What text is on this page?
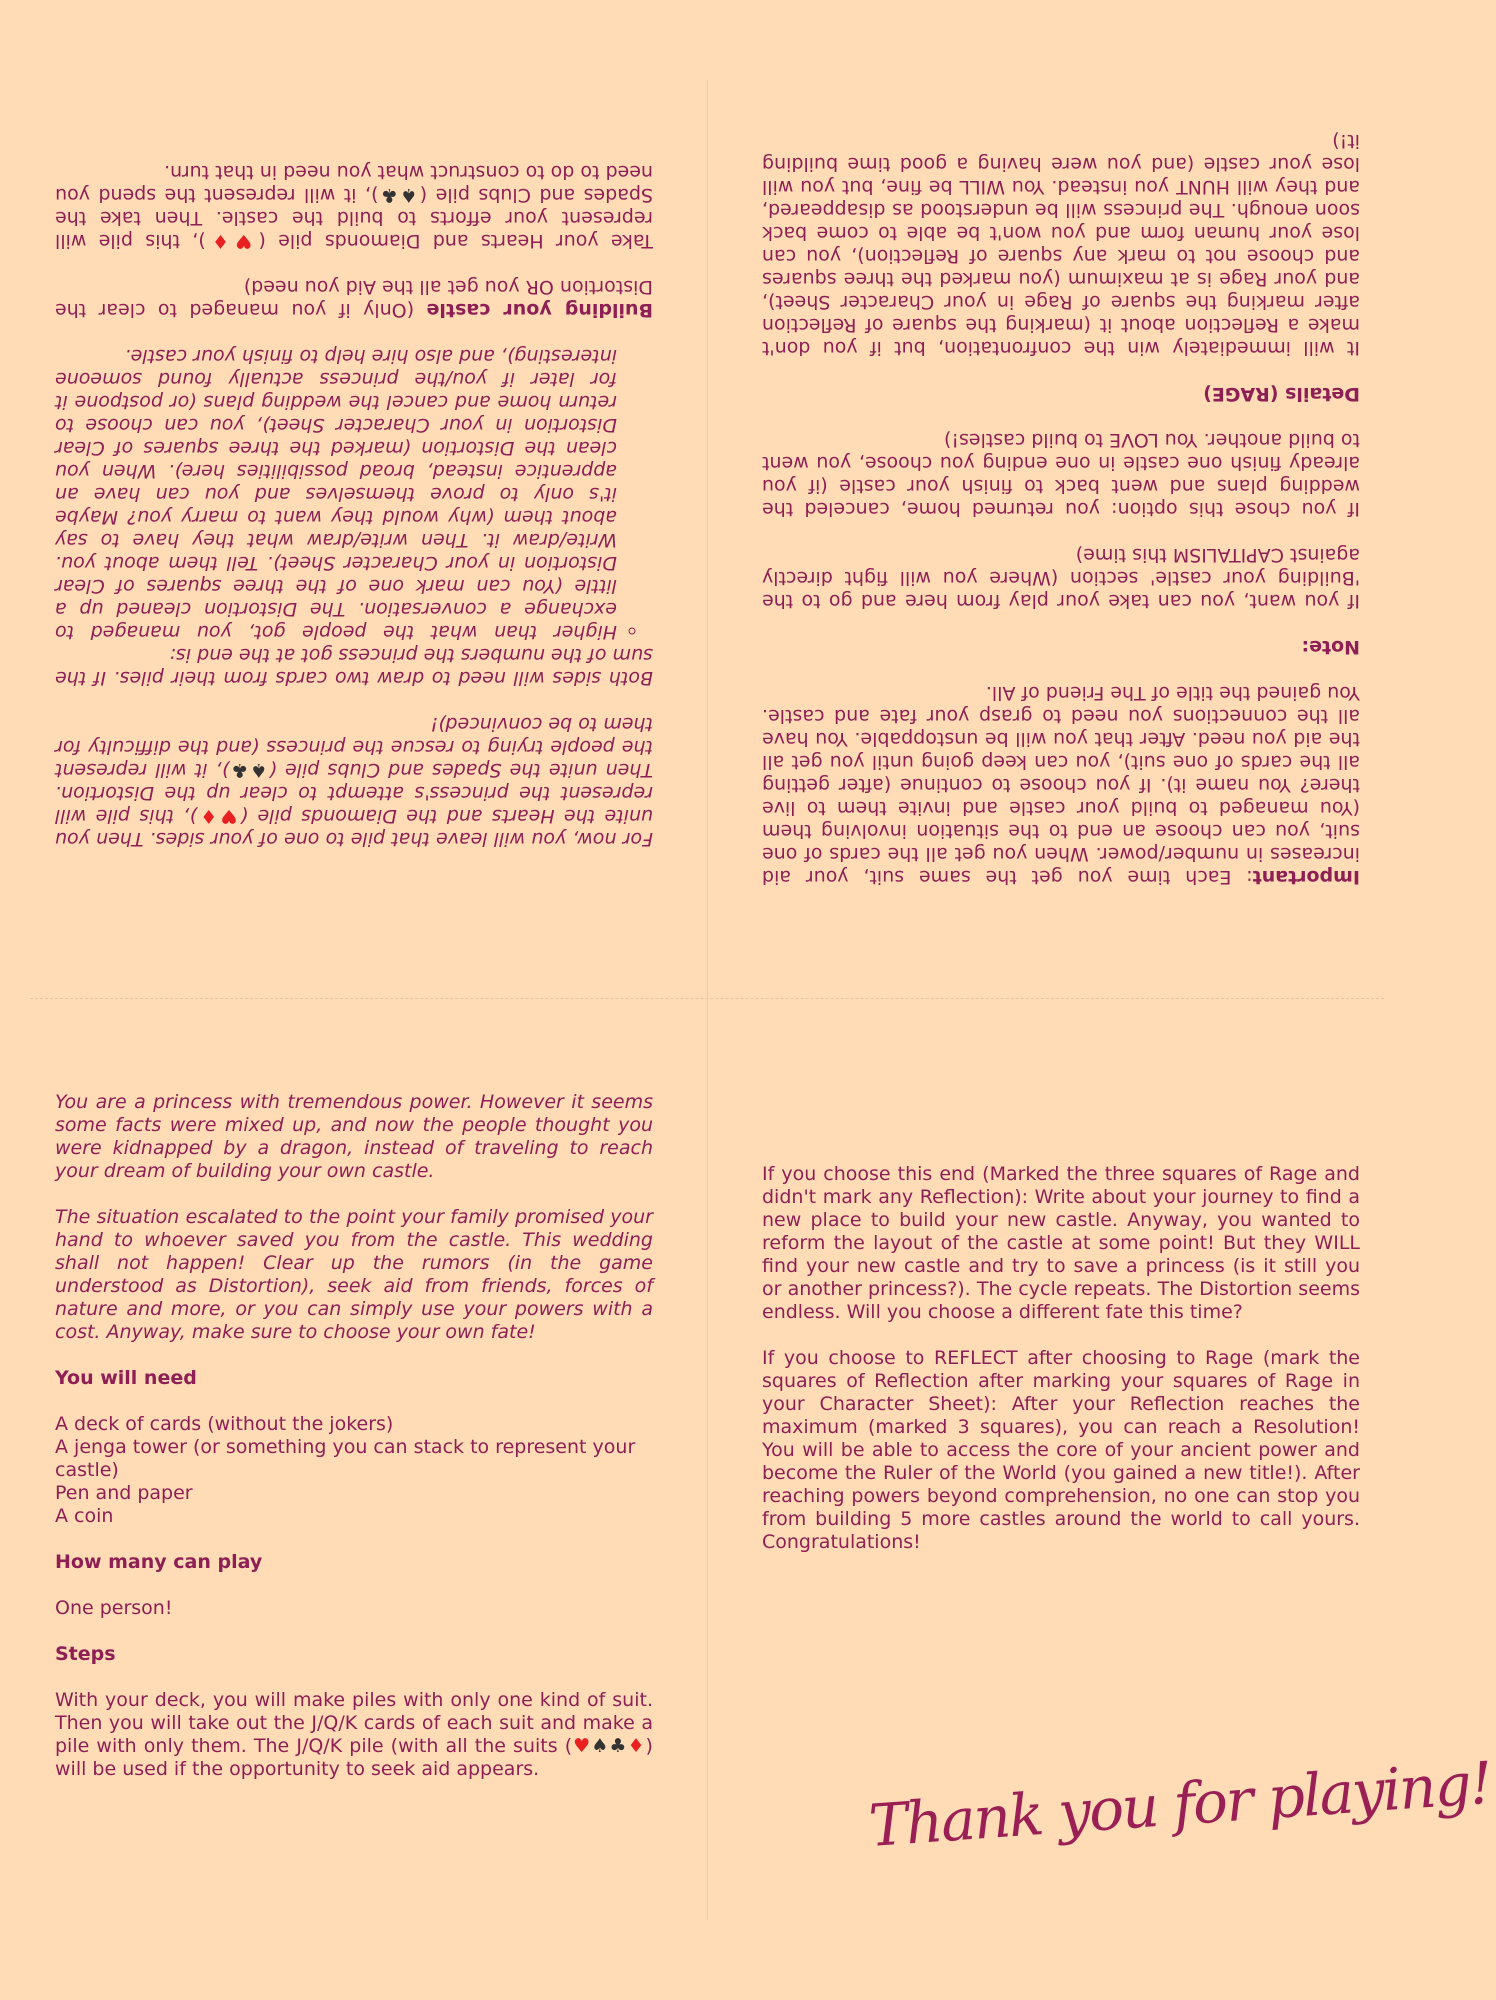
For now, you will leave that pile to one of your sides. Then you unite the Hearts and the Diamonds pile (♥♦), this pile will represent the princess's attempt to clear up the Distortion. Then unite the Spades and Clubs pile (♠♣), it will represent the people trying to rescue the princess (and the difficulty for them to be convinced)!

Both sides will need to draw two cards from their piles. If the sum of the numbers the princess got at the end is:

◦ Higher than what the people got, you managed to exchange a conversation. The Distortion cleaned up a little (You can mark one of the three squares of Clear Distortion in your Character Sheet). Tell them about you. Write/draw it. Then write/draw what they have to say about them (why would they want to marry you? Maybe it's only to prove themselves and you can have an apprentice instead, broad possibilities here). When you clean the Distortion (marked the three squares of Clear Distortion in your Character Sheet), you can choose to return home and cancel the wedding plans (or postpone it for later if you/the princess actually found someone interesting), and also hire help to finish your castle.

Building your castle (Only if you managed to clear the Distortion OR you get all the Aid you need)

Take your Hearts and Diamonds pile (♥♦), this pile will represent your efforts to build the castle. Then take the Spades and Clubs pile (♠♣), it will represent the spend you need to do to construct what you need in that turn.

Important: Each time you get the same suit, your aid increases in number/power. When you get all the cards of one suit, you can choose an end to the situation involving them (You managed to build your castle and invite them to live there? You name it). If you choose to continue (after getting all the cards of one suit), you can keep going until you get all the aid you need. After that you will be unstoppable. You have all the connections you need to grasp your fate and castle. You gained the title of The Friend of All.

Note:

If you want, you can take your play from here and go to the 'Building your castle' section (Where you will fight directly against CAPITALISM this time)

If you chose this option: you returned home, canceled the wedding plans and went back to finish your castle (if you already finish one castle in one ending you choose, you went to build another. You LOVE to build castles!)

Details (RAGE)

It will immediately win the confrontation, but if you don't make a Reflection about it (marking the square of Reflection after marking the square of Rage in your Character Sheet), and your Rage is at maximum (you marked the three squares and choose not to mark any square of Reflection), you can lose your human form and you won't be able to come back soon enough. The princess will be understood as disappeared, and they will HUNT you instead. You WILL be fine, but you will lose your castle (and you were having a good time building it!)

You are a princess with tremendous power. However it seems some facts were mixed up, and now the people thought you were kidnapped by a dragon, instead of traveling to reach your dream of building your own castle.

The situation escalated to the point your family promised your hand to whoever saved you from the castle. This wedding shall not happen! Clear up the rumors (in the game understood as Distortion), seek aid from friends, forces of nature and more, or you can simply use your powers with a cost. Anyway, make sure to choose your own fate!

You will need
A deck of cards (without the jokers)
A jenga tower (or something you can stack to represent your castle)
Pen and paper
A coin
How many can play

One person!

Steps

With your deck, you will make piles with only one kind of suit. Then you will take out the J/Q/K cards of each suit and make a pile with only them. The J/Q/K pile (with all the suits (♥♠♣♦) will be used if the opportunity to seek aid appears.

If you choose this end (Marked the three squares of Rage and didn't mark any Reflection): Write about your journey to find a new place to build your new castle. Anyway, you wanted to reform the layout of the castle at some point! But they WILL find your new castle and try to save a princess (is it still you or another princess?). The cycle repeats. The Distortion seems endless. Will you choose a different fate this time?

If you choose to REFLECT after choosing to Rage (mark the squares of Reflection after marking your squares of Rage in your Character Sheet): After your Reflection reaches the maximum (marked 3 squares), you can reach a Resolution! You will be able to access the core of your ancient power and become the Ruler of the World (you gained a new title!). After reaching powers beyond comprehension, no one can stop you from building 5 more castles around the world to call yours. Congratulations!

Thank you for playing!
